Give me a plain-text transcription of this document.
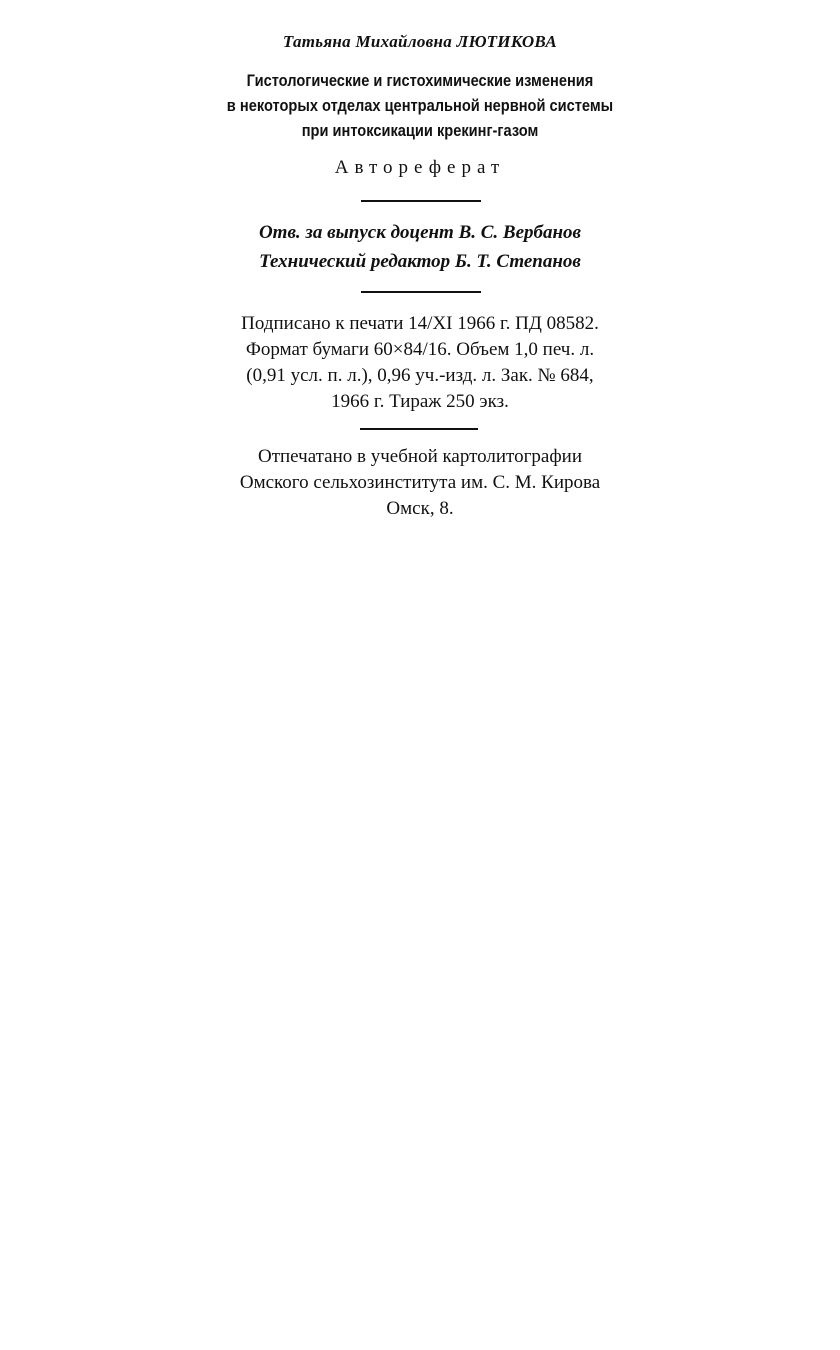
Татьяна Михайловна ЛЮТИКОВА
Гистологические и гистохимические изменения
в некоторых отделах центральной нервной системы
при интоксикации крекинг-газом
Автореферат
Отв. за выпуск доцент В. С. Вербанов
Технический редактор Б. Т. Степанов
Подписано к печати 14/XI 1966 г. ПД 08582.
Формат бумаги 60×84/16. Объем 1,0 печ. л.
(0,91 усл. п. л.), 0,96 уч.-изд. л. Зак. № 684,
1966 г. Тираж 250 экз.
Отпечатано в учебной картолитографии
Омского сельхозинститута им. С. М. Кирова
Омск, 8.
